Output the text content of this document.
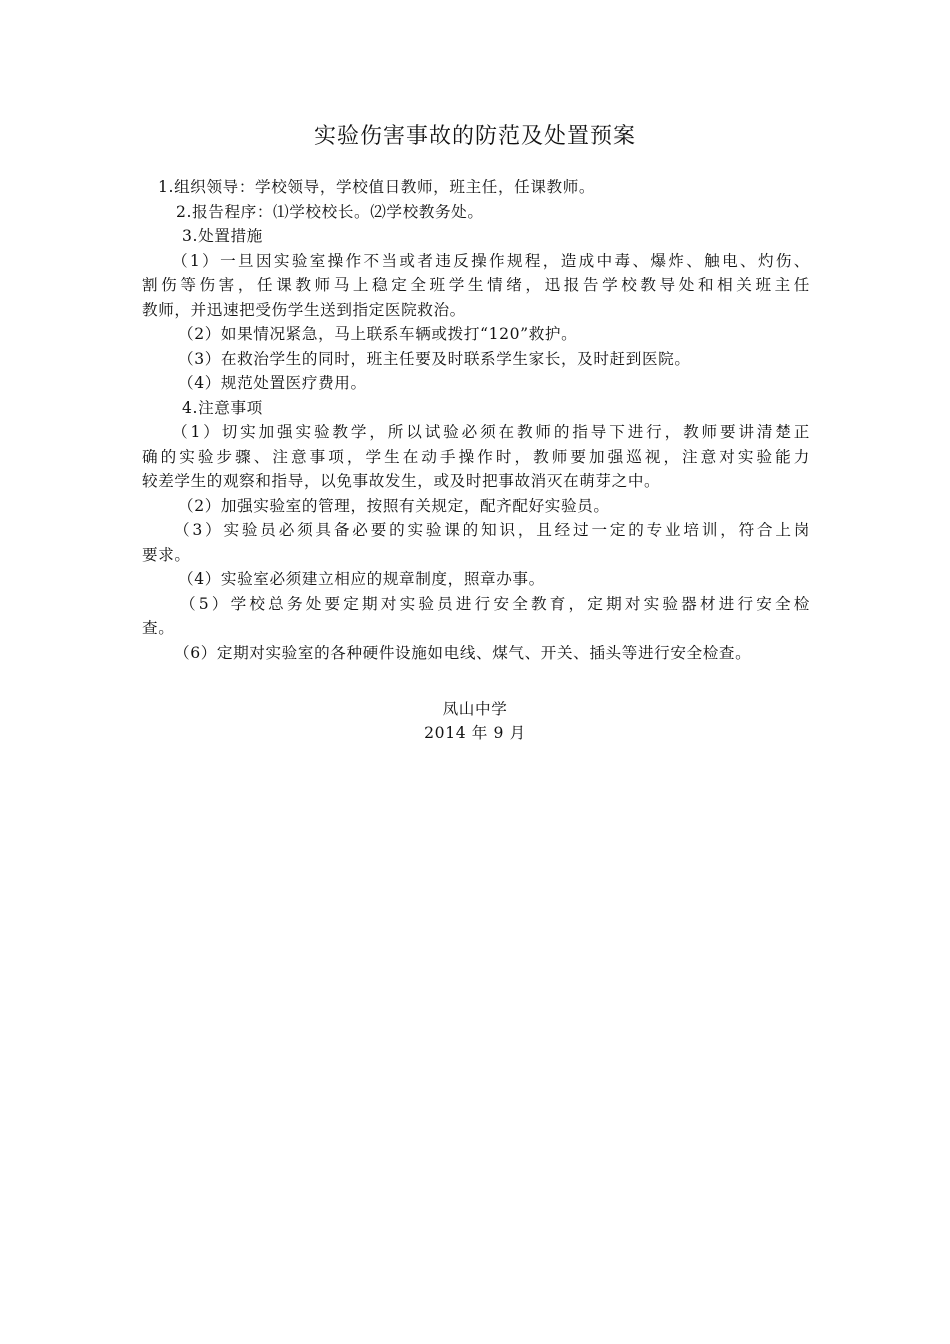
实验伤害事故的防范及处置预案
1.组织领导：学校领导，学校值日教师，班主任，任课教师。
2.报告程序：⑴学校校长。⑵学校教务处。
3.处置措施
（1）一旦因实验室操作不当或者违反操作规程，造成中毒、爆炸、触电、灼伤、
割伤等伤害，任课教师马上稳定全班学生情绪，迅报告学校教导处和相关班主任
教师，并迅速把受伤学生送到指定医院救治。
（2）如果情况紧急，马上联系车辆或拨打“120”救护。
（3）在救治学生的同时，班主任要及时联系学生家长，及时赶到医院。
（4）规范处置医疗费用。
4.注意事项
（1）切实加强实验教学，所以试验必须在教师的指导下进行，教师要讲清楚正
确的实验步骤、注意事项，学生在动手操作时，教师要加强巡视，注意对实验能力
较差学生的观察和指导，以免事故发生，或及时把事故消灭在萌芽之中。
（2）加强实验室的管理，按照有关规定，配齐配好实验员。
（3）实验员必须具备必要的实验课的知识，且经过一定的专业培训，符合上岗
要求。
（4）实验室必须建立相应的规章制度，照章办事。
（5）学校总务处要定期对实验员进行安全教育，定期对实验器材进行安全检
查。
（6）定期对实验室的各种硬件设施如电线、煤气、开关、插头等进行安全检查。
凤山中学
2014 年 9 月
